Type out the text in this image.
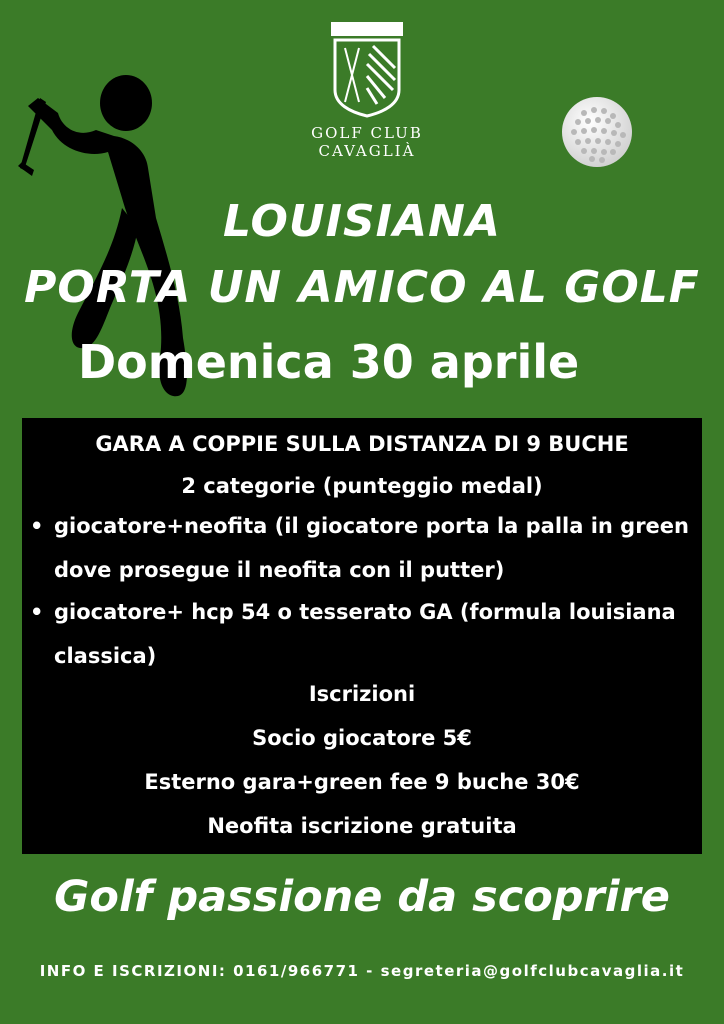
GOLF CLUB
CAVAGLIÀ
LOUISIANA
PORTA UN AMICO AL GOLF
Domenica 30 aprile
GARA A COPPIE SULLA DISTANZA DI 9 BUCHE
2 categorie (punteggio medal)
• giocatore+neofita (il giocatore porta la palla in green dove prosegue il neofita con il putter)
• giocatore+ hcp 54 o tesserato GA (formula louisiana classica)
Iscrizioni
Socio giocatore 5€
Esterno gara+green fee 9 buche 30€
Neofita iscrizione gratuita
Golf passione da scoprire
INFO E ISCRIZIONI: 0161/966771 - segreteria@golfclubcavaglia.it
